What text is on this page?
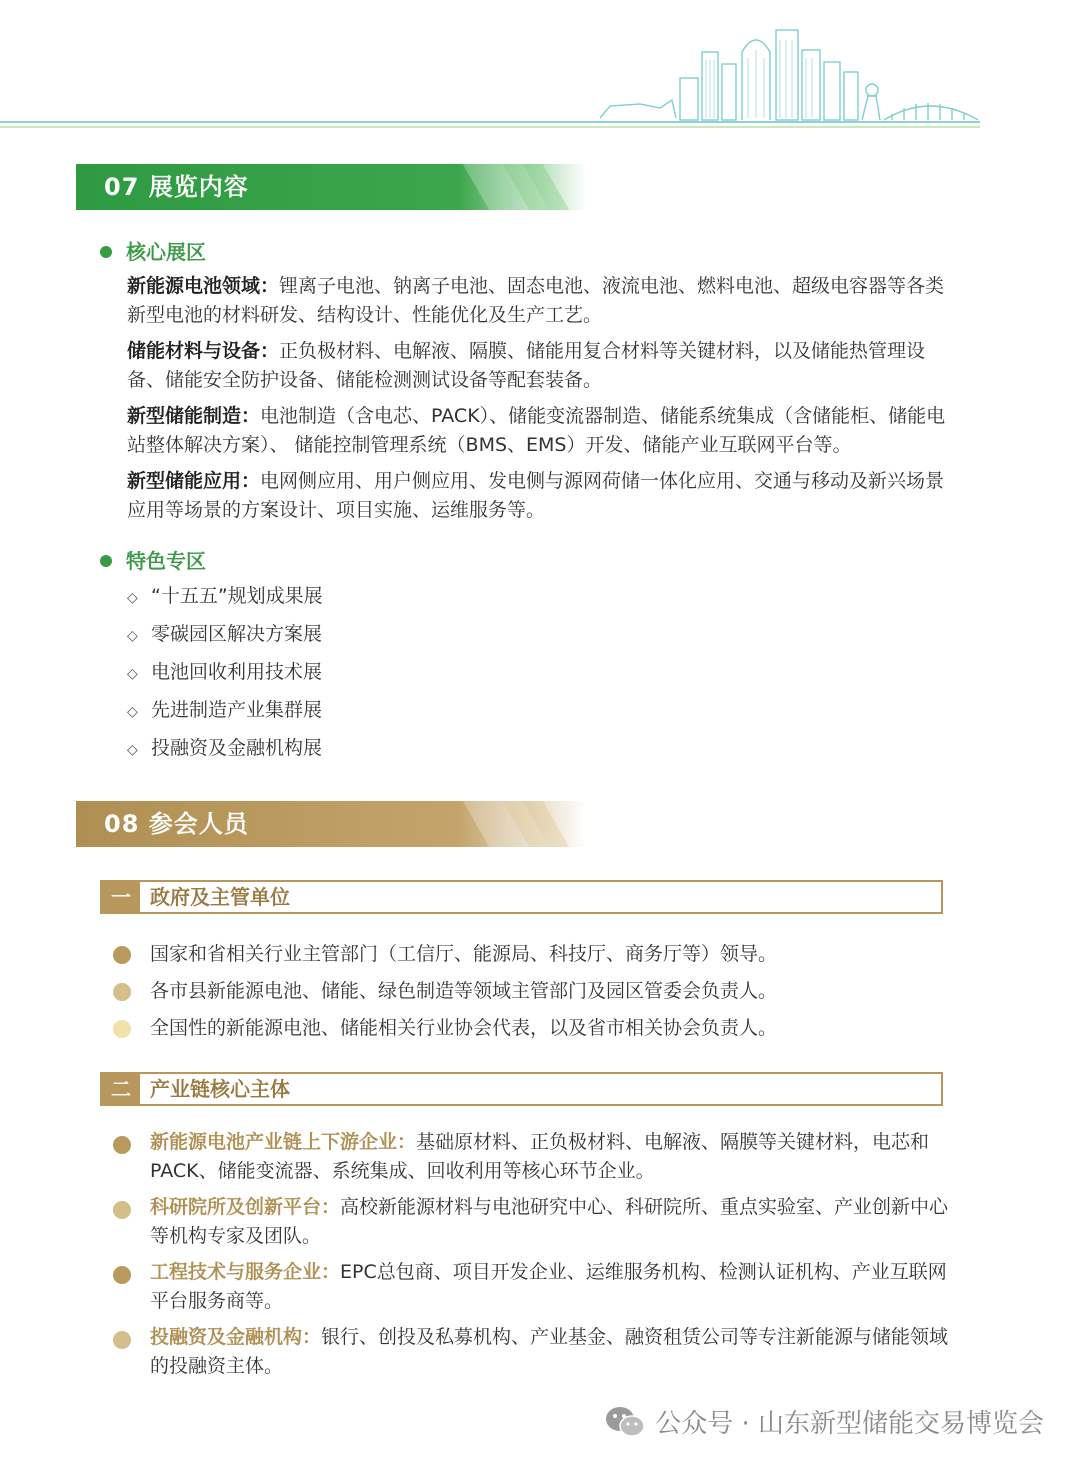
07 展览内容
核心展区
新能源电池领域：锂离子电池、钠离子电池、固态电池、液流电池、燃料电池、超级电容器等各类新型电池的材料研发、结构设计、性能优化及生产工艺。
储能材料与设备：正负极材料、电解液、隔膜、储能用复合材料等关键材料，以及储能热管理设备、储能安全防护设备、储能检测测试设备等配套装备。
新型储能制造：电池制造（含电芯、PACK）、储能变流器制造、储能系统集成（含储能柜、储能电站整体解决方案）、 储能控制管理系统（BMS、EMS）开发、储能产业互联网平台等。
新型储能应用：电网侧应用、用户侧应用、发电侧与源网荷储一体化应用、交通与移动及新兴场景应用等场景的方案设计、项目实施、运维服务等。
特色专区
◇ “十五五”规划成果展
◇ 零碳园区解决方案展
◇ 电池回收利用技术展
◇ 先进制造产业集群展
◇ 投融资及金融机构展
08 参会人员
一 政府及主管单位
国家和省相关行业主管部门（工信厅、能源局、科技厅、商务厅等）领导。
各市县新能源电池、储能、绿色制造等领域主管部门及园区管委会负责人。
全国性的新能源电池、储能相关行业协会代表，以及省市相关协会负责人。
二 产业链核心主体
新能源电池产业链上下游企业：基础原材料、正负极材料、电解液、隔膜等关键材料，电芯和 PACK、储能变流器、系统集成、回收利用等核心环节企业。
科研院所及创新平台：高校新能源材料与电池研究中心、科研院所、重点实验室、产业创新中心等机构专家及团队。
工程技术与服务企业：EPC总包商、项目开发企业、运维服务机构、检测认证机构、产业互联网平台服务商等。
投融资及金融机构：银行、创投及私募机构、产业基金、融资租赁公司等专注新能源与储能领域的投融资主体。
公众号 · 山东新型储能交易博览会
